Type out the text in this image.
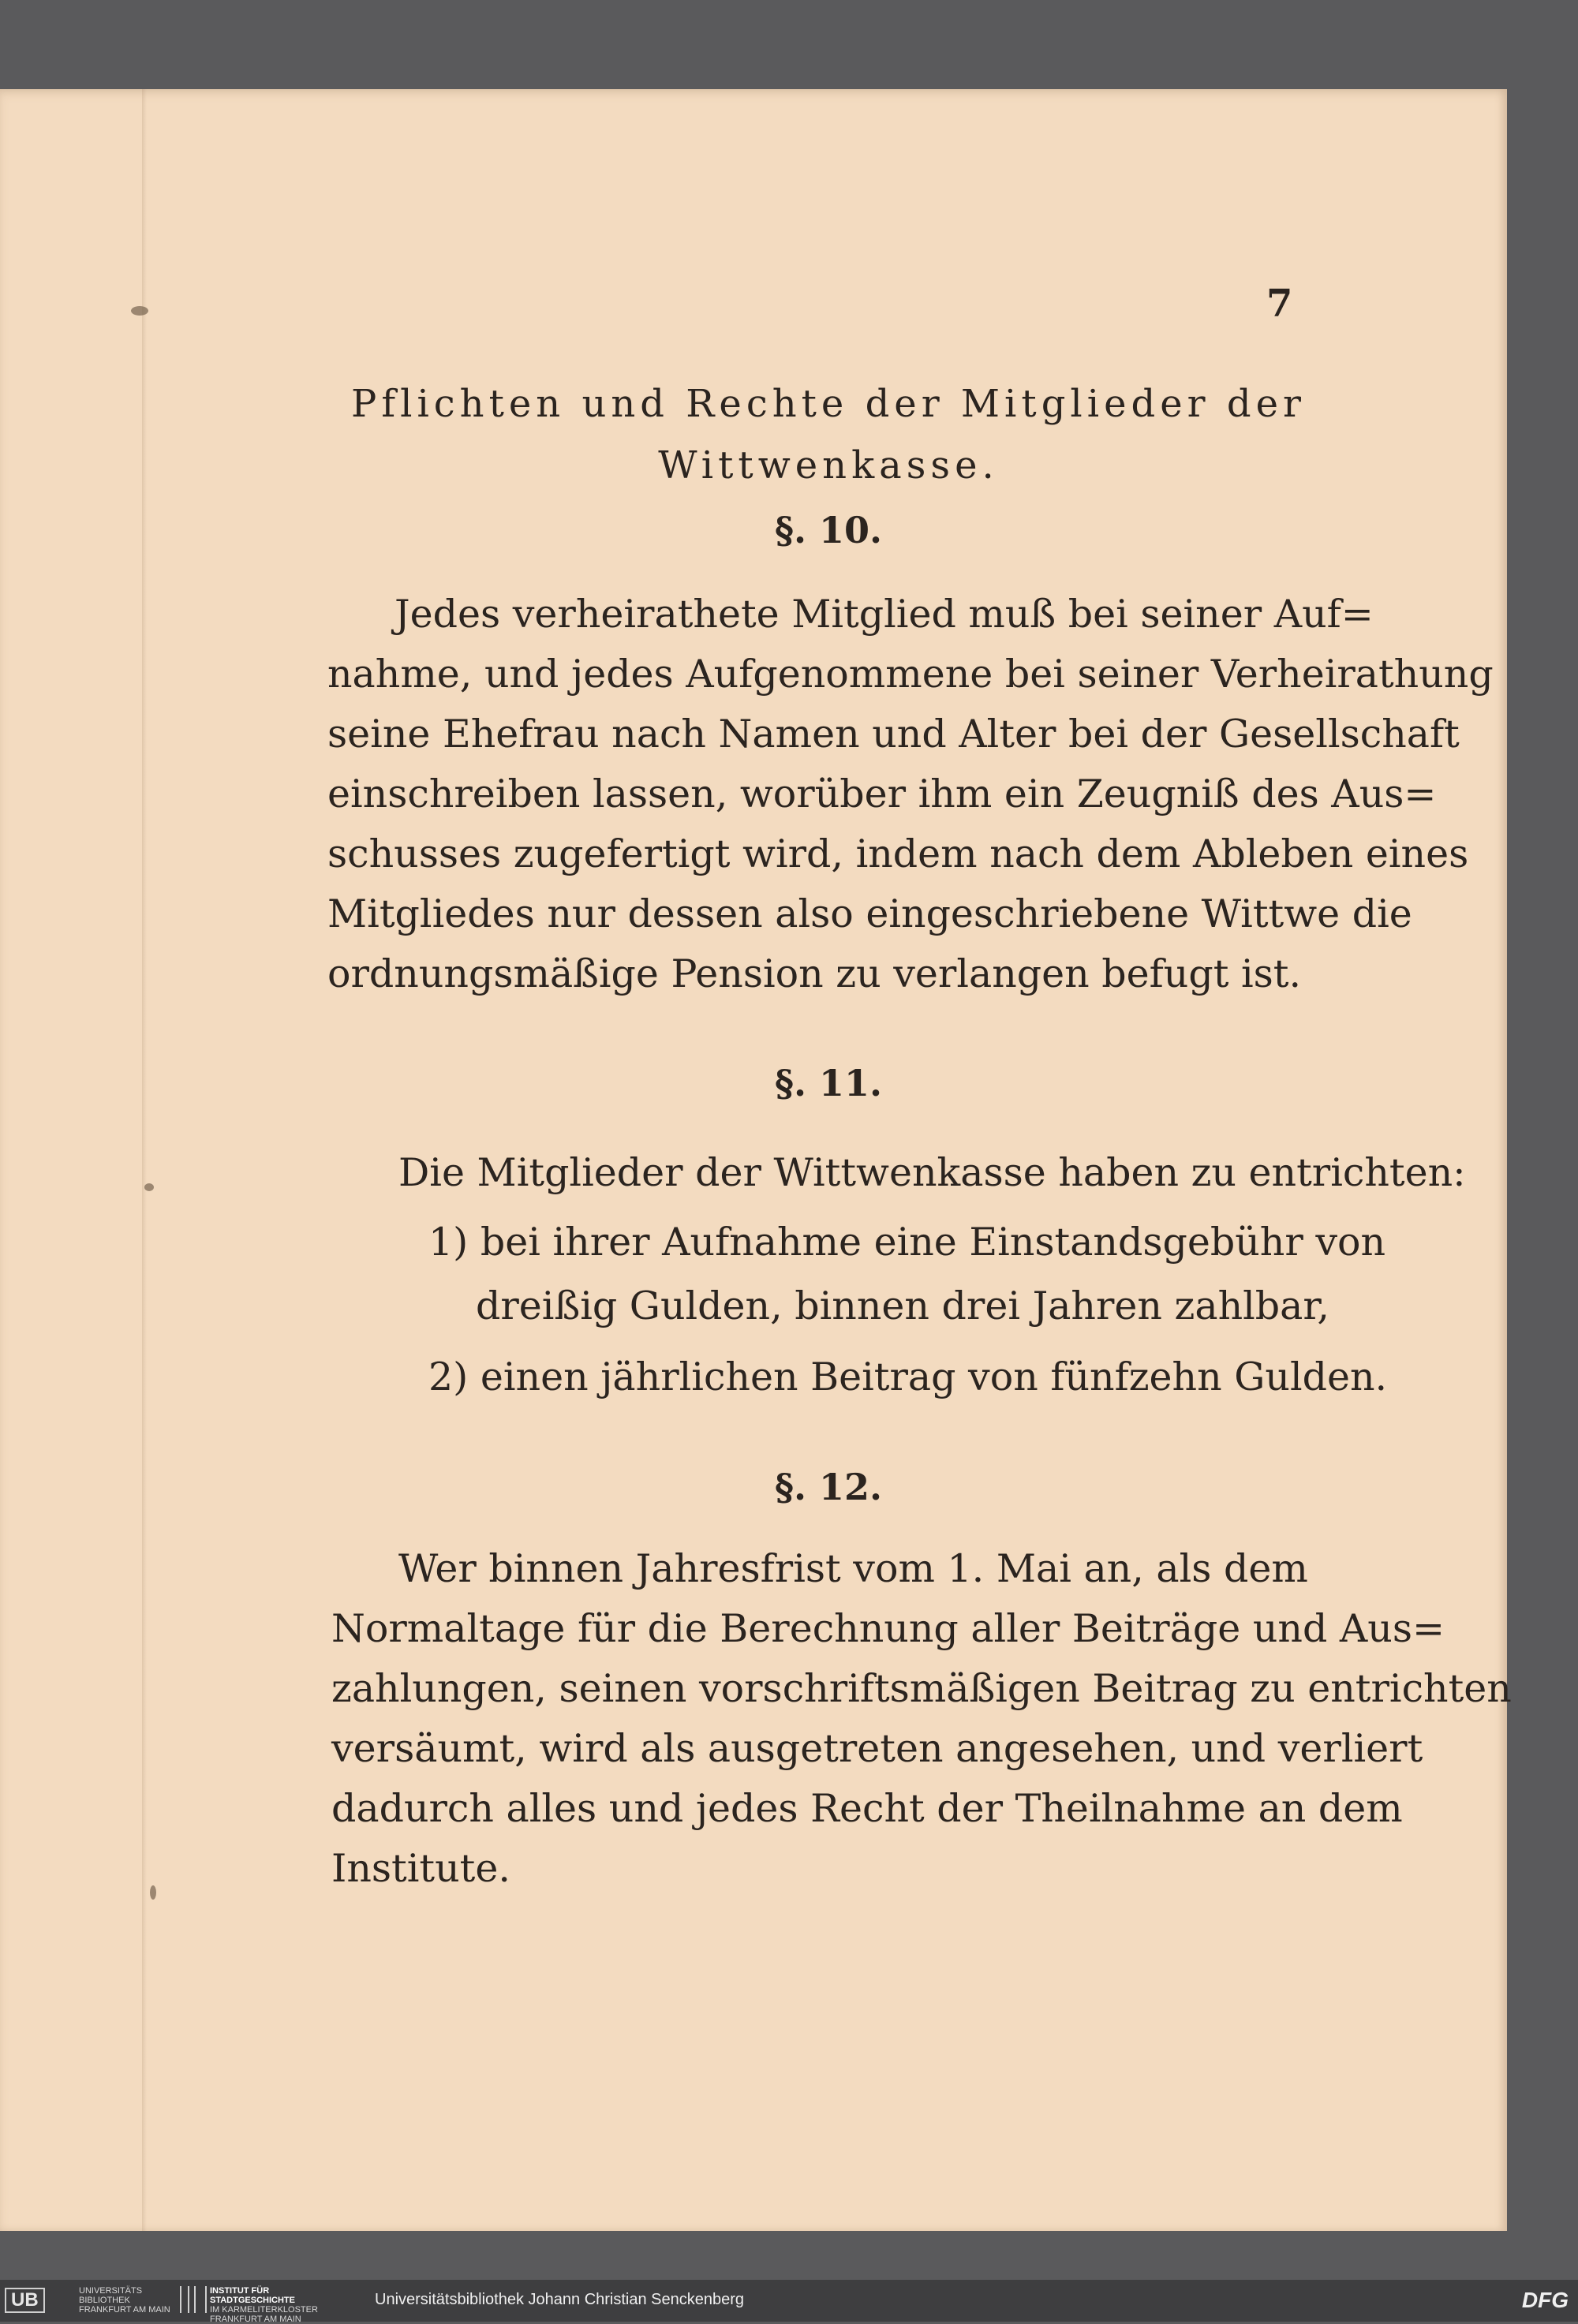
7
Pflichten und Rechte der Mitglieder der
Wittwenkasse.
§. 10.
Jedes verheirathete Mitglied muß bei seiner Auf=
nahme, und jedes Aufgenommene bei seiner Verheirathung
seine Ehefrau nach Namen und Alter bei der Gesellschaft
einschreiben lassen, worüber ihm ein Zeugniß des Aus=
schusses zugefertigt wird, indem nach dem Ableben eines
Mitgliedes nur dessen also eingeschriebene Wittwe die
ordnungsmäßige Pension zu verlangen befugt ist.
§. 11.
Die Mitglieder der Wittwenkasse haben zu entrichten:
1) bei ihrer Aufnahme eine Einstandsgebühr von
dreißig Gulden, binnen drei Jahren zahlbar,
2) einen jährlichen Beitrag von fünfzehn Gulden.
§. 12.
Wer binnen Jahresfrist vom 1. Mai an, als dem
Normaltage für die Berechnung aller Beiträge und Aus=
zahlungen, seinen vorschriftsmäßigen Beitrag zu entrichten
versäumt, wird als ausgetreten angesehen, und verliert
dadurch alles und jedes Recht der Theilnahme an dem
Institute.
UB	UNIVERSITÄTS BIBLIOTHEK FRANKFURT AM MAIN
INSTITUT FÜR STADTGESCHICHTE
IM KARMELITERKLOSTER FRANKFURT AM MAIN
Universitätsbibliothek Johann Christian Senckenberg	DFG
